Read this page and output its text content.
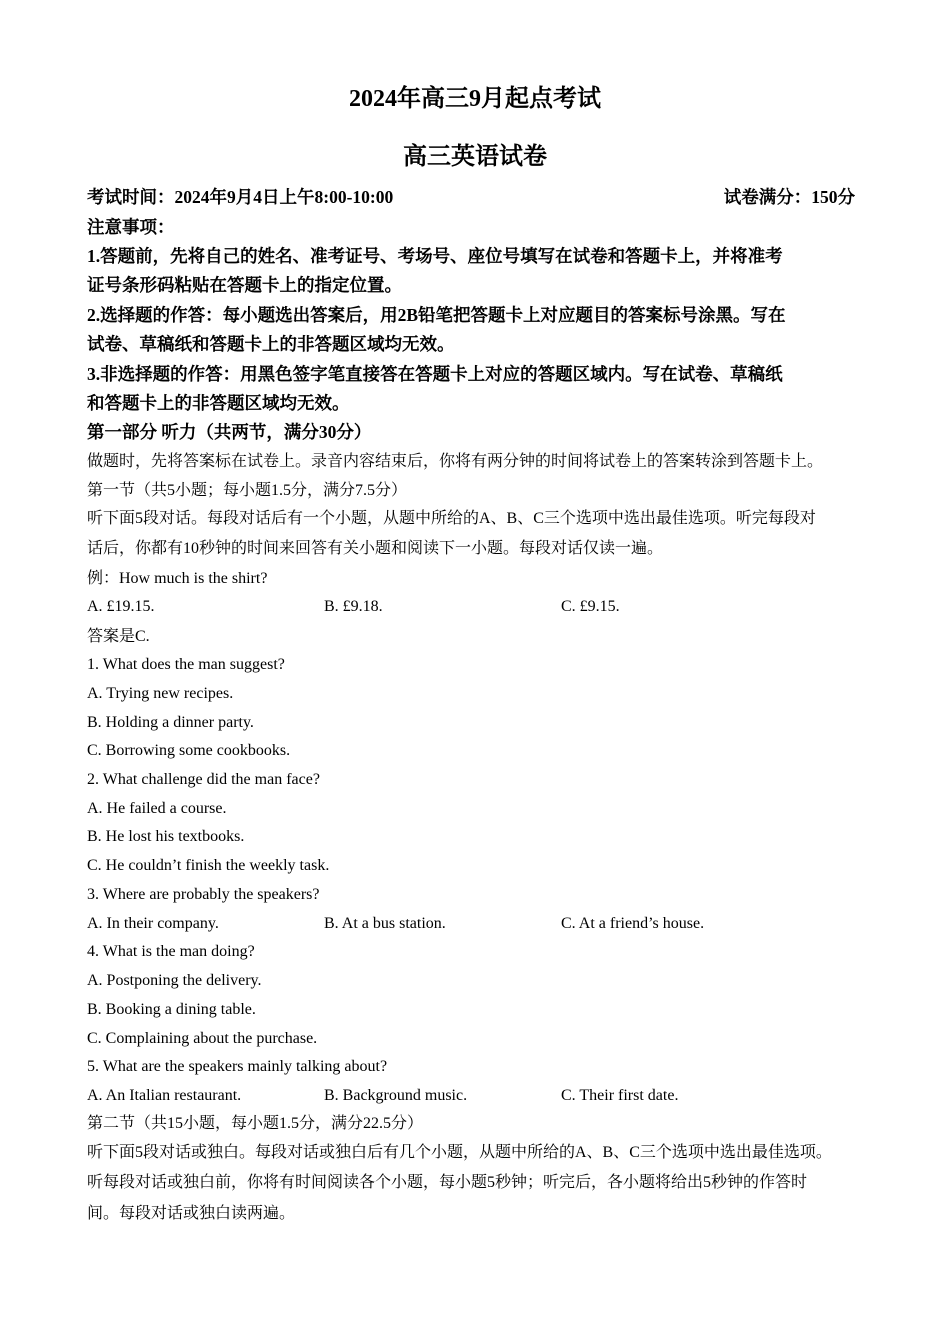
2024年高三9月起点考试
高三英语试卷
考试时间：2024年9月4日上午8:00-10:00	试卷满分：150分
注意事项：
1.答题前，先将自己的姓名、准考证号、考场号、座位号填写在试卷和答题卡上，并将准考
证号条形码粘贴在答题卡上的指定位置。
2.选择题的作答：每小题选出答案后，用2B铅笔把答题卡上对应题目的答案标号涂黑。写在
试卷、草稿纸和答题卡上的非答题区域均无效。
3.非选择题的作答：用黑色签字笔直接答在答题卡上对应的答题区域内。写在试卷、草稿纸
和答题卡上的非答题区域均无效。
第一部分 听力（共两节，满分30分）
做题时，先将答案标在试卷上。录音内容结束后，你将有两分钟的时间将试卷上的答案转涂到答题卡上。
第一节（共5小题；每小题1.5分，满分7.5分）
听下面5段对话。每段对话后有一个小题，从题中所给的A、B、C三个选项中选出最佳选项。听完每段对
话后，你都有10秒钟的时间来回答有关小题和阅读下一小题。每段对话仅读一遍。
例：How much is the shirt?
A. £19.15.	B. £9.18.	C. £9.15.
答案是C.
1. What does the man suggest?
A. Trying new recipes.
B. Holding a dinner party.
C. Borrowing some cookbooks.
2. What challenge did the man face?
A. He failed a course.
B. He lost his textbooks.
C. He couldn’t finish the weekly task.
3. Where are probably the speakers?
A. In their company.	B. At a bus station.	C. At a friend’s house.
4. What is the man doing?
A. Postponing the delivery.
B. Booking a dining table.
C. Complaining about the purchase.
5. What are the speakers mainly talking about?
A. An Italian restaurant.	B. Background music.	C. Their first date.
第二节（共15小题，每小题1.5分，满分22.5分）
听下面5段对话或独白。每段对话或独白后有几个小题，从题中所给的A、B、C三个选项中选出最佳选项。
听每段对话或独白前，你将有时间阅读各个小题，每小题5秒钟；听完后，各小题将给出5秒钟的作答时
间。每段对话或独白读两遍。
